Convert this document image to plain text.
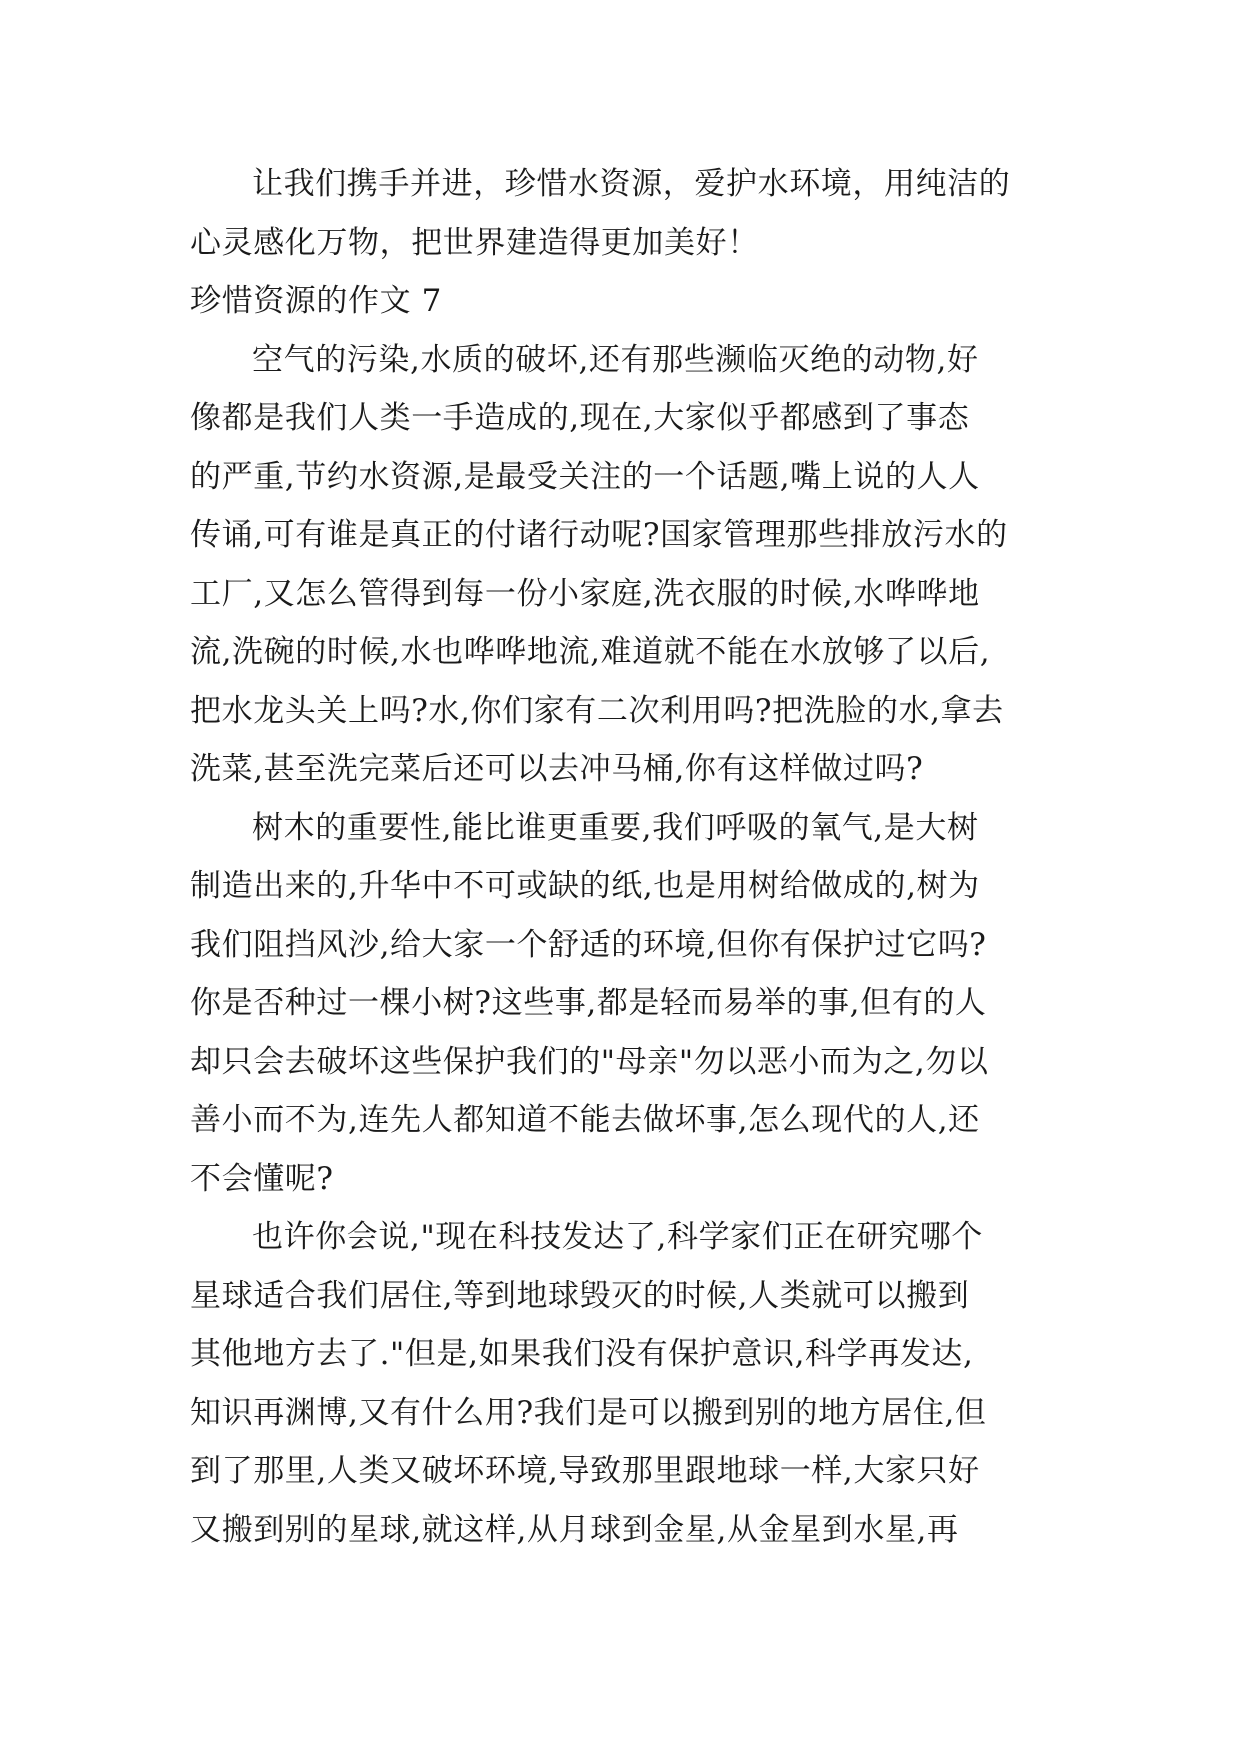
让我们携手并进，珍惜水资源，爱护水环境，用纯洁的
心灵感化万物，把世界建造得更加美好！
珍惜资源的作文 7
空气的污染,水质的破坏,还有那些濒临灭绝的动物,好
像都是我们人类一手造成的,现在,大家似乎都感到了事态
的严重,节约水资源,是最受关注的一个话题,嘴上说的人人
传诵,可有谁是真正的付诸行动呢?国家管理那些排放污水的
工厂,又怎么管得到每一份小家庭,洗衣服的时候,水哗哗地
流,洗碗的时候,水也哗哗地流,难道就不能在水放够了以后,
把水龙头关上吗?水,你们家有二次利用吗?把洗脸的水,拿去
洗菜,甚至洗完菜后还可以去冲马桶,你有这样做过吗?
树木的重要性,能比谁更重要,我们呼吸的氧气,是大树
制造出来的,升华中不可或缺的纸,也是用树给做成的,树为
我们阻挡风沙,给大家一个舒适的环境,但你有保护过它吗?
你是否种过一棵小树?这些事,都是轻而易举的事,但有的人
却只会去破坏这些保护我们的"母亲"勿以恶小而为之,勿以
善小而不为,连先人都知道不能去做坏事,怎么现代的人,还
不会懂呢?
也许你会说,"现在科技发达了,科学家们正在研究哪个
星球适合我们居住,等到地球毁灭的时候,人类就可以搬到
其他地方去了."但是,如果我们没有保护意识,科学再发达,
知识再渊博,又有什么用?我们是可以搬到别的地方居住,但
到了那里,人类又破坏环境,导致那里跟地球一样,大家只好
又搬到别的星球,就这样,从月球到金星,从金星到水星,再
